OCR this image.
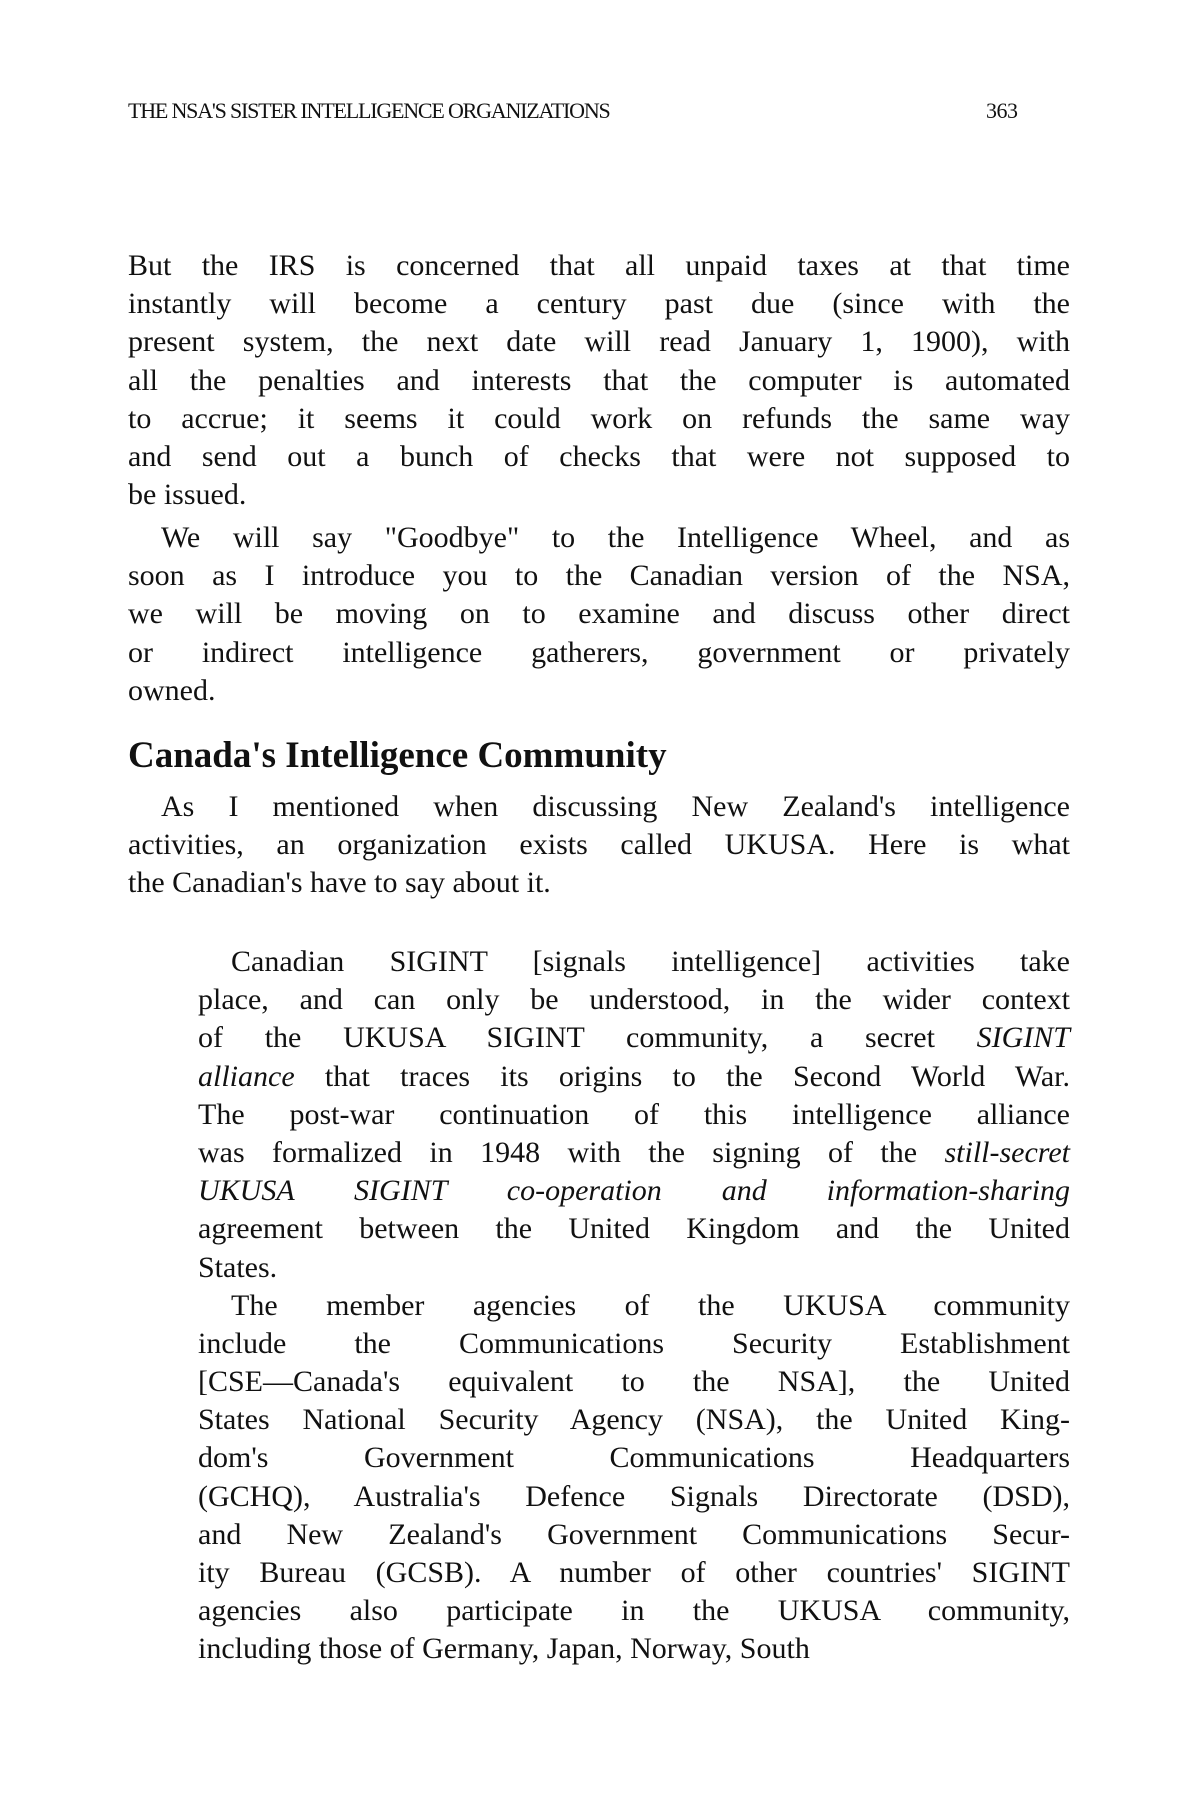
THE NSA'S SISTER INTELLIGENCE ORGANIZATIONS	363
But the IRS is concerned that all unpaid taxes at that time
instantly will become a century past due (since with the
present system, the next date will read January 1, 1900), with
all the penalties and interests that the computer is automated
to accrue; it seems it could work on refunds the same way
and send out a bunch of checks that were not supposed to
be issued.
We will say "Goodbye" to the Intelligence Wheel, and as
soon as I introduce you to the Canadian version of the NSA,
we will be moving on to examine and discuss other direct
or indirect intelligence gatherers, government or privately
owned.
Canada's Intelligence Community
As I mentioned when discussing New Zealand's intelligence
activities, an organization exists called UKUSA. Here is what
the Canadian's have to say about it.
Canadian SIGINT [signals intelligence] activities take
place, and can only be understood, in the wider context
of the UKUSA SIGINT community, a secret SIGINT
alliance that traces its origins to the Second World War.
The post-war continuation of this intelligence alliance
was formalized in 1948 with the signing of the still-secret
UKUSA SIGINT co-operation and information-sharing
agreement between the United Kingdom and the United
States.
The member agencies of the UKUSA community
include the Communications Security Establishment
[CSE—Canada's equivalent to the NSA], the United
States National Security Agency (NSA), the United King-
dom's Government Communications Headquarters
(GCHQ), Australia's Defence Signals Directorate (DSD),
and New Zealand's Government Communications Secur-
ity Bureau (GCSB). A number of other countries' SIGINT
agencies also participate in the UKUSA community,
including those of Germany, Japan, Norway, South
